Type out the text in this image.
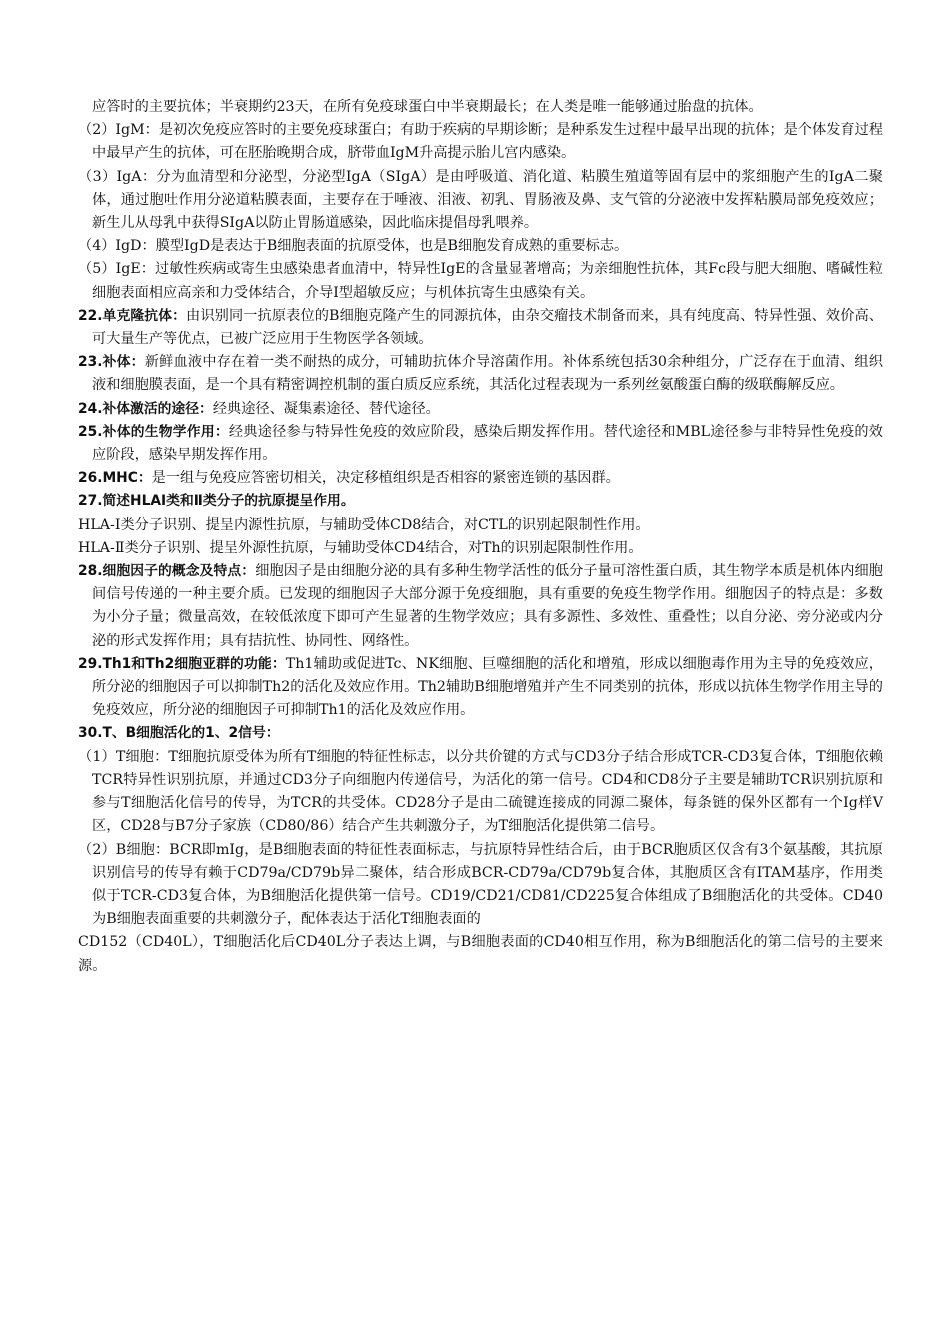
应答时的主要抗体；半衰期约23天，在所有免疫球蛋白中半衰期最长；在人类是唯一能够通过胎盘的抗体。

（2）IgM：是初次免疫应答时的主要免疫球蛋白；有助于疾病的早期诊断；是种系发生过程中最早出现的抗体；是个体发育过程中最早产生的抗体，可在胚胎晚期合成，脐带血IgM升高提示胎儿宫内感染。

（3）IgA：分为血清型和分泌型，分泌型IgA（SIgA）是由呼吸道、消化道、粘膜生殖道等固有层中的浆细胞产生的IgA二聚体，通过胞吐作用分泌道粘膜表面，主要存在于唾液、泪液、初乳、胃肠液及鼻、支气管的分泌液中发挥粘膜局部免疫效应；新生儿从母乳中获得SIgA以防止胃肠道感染，因此临床提倡母乳喂养。

（4）IgD：膜型IgD是表达于B细胞表面的抗原受体，也是B细胞发育成熟的重要标志。

（5）IgE：过敏性疾病或寄生虫感染患者血清中，特异性IgE的含量显著增高；为亲细胞性抗体，其Fc段与肥大细胞、嗜碱性粒细胞表面相应高亲和力受体结合，介导Ⅰ型超敏反应；与机体抗寄生虫感染有关。

22.单克隆抗体：由识别同一抗原表位的B细胞克隆产生的同源抗体，由杂交瘤技术制备而来，具有纯度高、特异性强、效价高、可大量生产等优点，已被广泛应用于生物医学各领域。

23.补体：新鲜血液中存在着一类不耐热的成分，可辅助抗体介导溶菌作用。补体系统包括30余种组分，广泛存在于血清、组织液和细胞膜表面，是一个具有精密调控机制的蛋白质反应系统，其活化过程表现为一系列丝氨酸蛋白酶的级联酶解反应。

24.补体激活的途径：经典途径、凝集素途径、替代途径。

25.补体的生物学作用：经典途径参与特异性免疫的效应阶段，感染后期发挥作用。替代途径和MBL途径参与非特异性免疫的效应阶段，感染早期发挥作用。

26.MHC：是一组与免疫应答密切相关，决定移植组织是否相容的紧密连锁的基因群。

27.简述HLAⅠ类和Ⅱ类分子的抗原提呈作用。

HLA-Ⅰ类分子识别、提呈内源性抗原，与辅助受体CD8结合，对CTL的识别起限制性作用。

HLA-Ⅱ类分子识别、提呈外源性抗原，与辅助受体CD4结合，对Th的识别起限制性作用。

28.细胞因子的概念及特点：细胞因子是由细胞分泌的具有多种生物学活性的低分子量可溶性蛋白质，其生物学本质是机体内细胞间信号传递的一种主要介质。已发现的细胞因子大部分源于免疫细胞，具有重要的免疫生物学作用。细胞因子的特点是：多数为小分子量；微量高效，在较低浓度下即可产生显著的生物学效应；具有多源性、多效性、重叠性；以自分泌、旁分泌或内分泌的形式发挥作用；具有拮抗性、协同性、网络性。

29.Th1和Th2细胞亚群的功能：Th1辅助或促进Tc、NK细胞、巨噬细胞的活化和增殖，形成以细胞毒作用为主导的免疫效应，所分泌的细胞因子可以抑制Th2的活化及效应作用。Th2辅助B细胞增殖并产生不同类别的抗体，形成以抗体生物学作用主导的免疫效应，所分泌的细胞因子可抑制Th1的活化及效应作用。

30.T、B细胞活化的1、2信号：

（1）T细胞：T细胞抗原受体为所有T细胞的特征性标志，以分共价键的方式与CD3分子结合形成TCR-CD3复合体，T细胞依赖TCR特异性识别抗原，并通过CD3分子向细胞内传递信号，为活化的第一信号。CD4和CD8分子主要是辅助TCR识别抗原和参与T细胞活化信号的传导，为TCR的共受体。CD28分子是由二硫键连接成的同源二聚体，每条链的保外区都有一个Ig样V区，CD28与B7分子家族（CD80/86）结合产生共刺激分子，为T细胞活化提供第二信号。

（2）B细胞：BCR即mIg，是B细胞表面的特征性表面标志，与抗原特异性结合后，由于BCR胞质区仅含有3个氨基酸，其抗原识别信号的传导有赖于CD79a/CD79b异二聚体，结合形成BCR-CD79a/CD79b复合体，其胞质区含有ITAM基序，作用类似于TCR-CD3复合体，为B细胞活化提供第一信号。CD19/CD21/CD81/CD225复合体组成了B细胞活化的共受体。CD40为B细胞表面重要的共刺激分子，配体表达于活化T细胞表面的

CD152（CD40L），T细胞活化后CD40L分子表达上调，与B细胞表面的CD40相互作用，称为B细胞活化的第二信号的主要来源。
